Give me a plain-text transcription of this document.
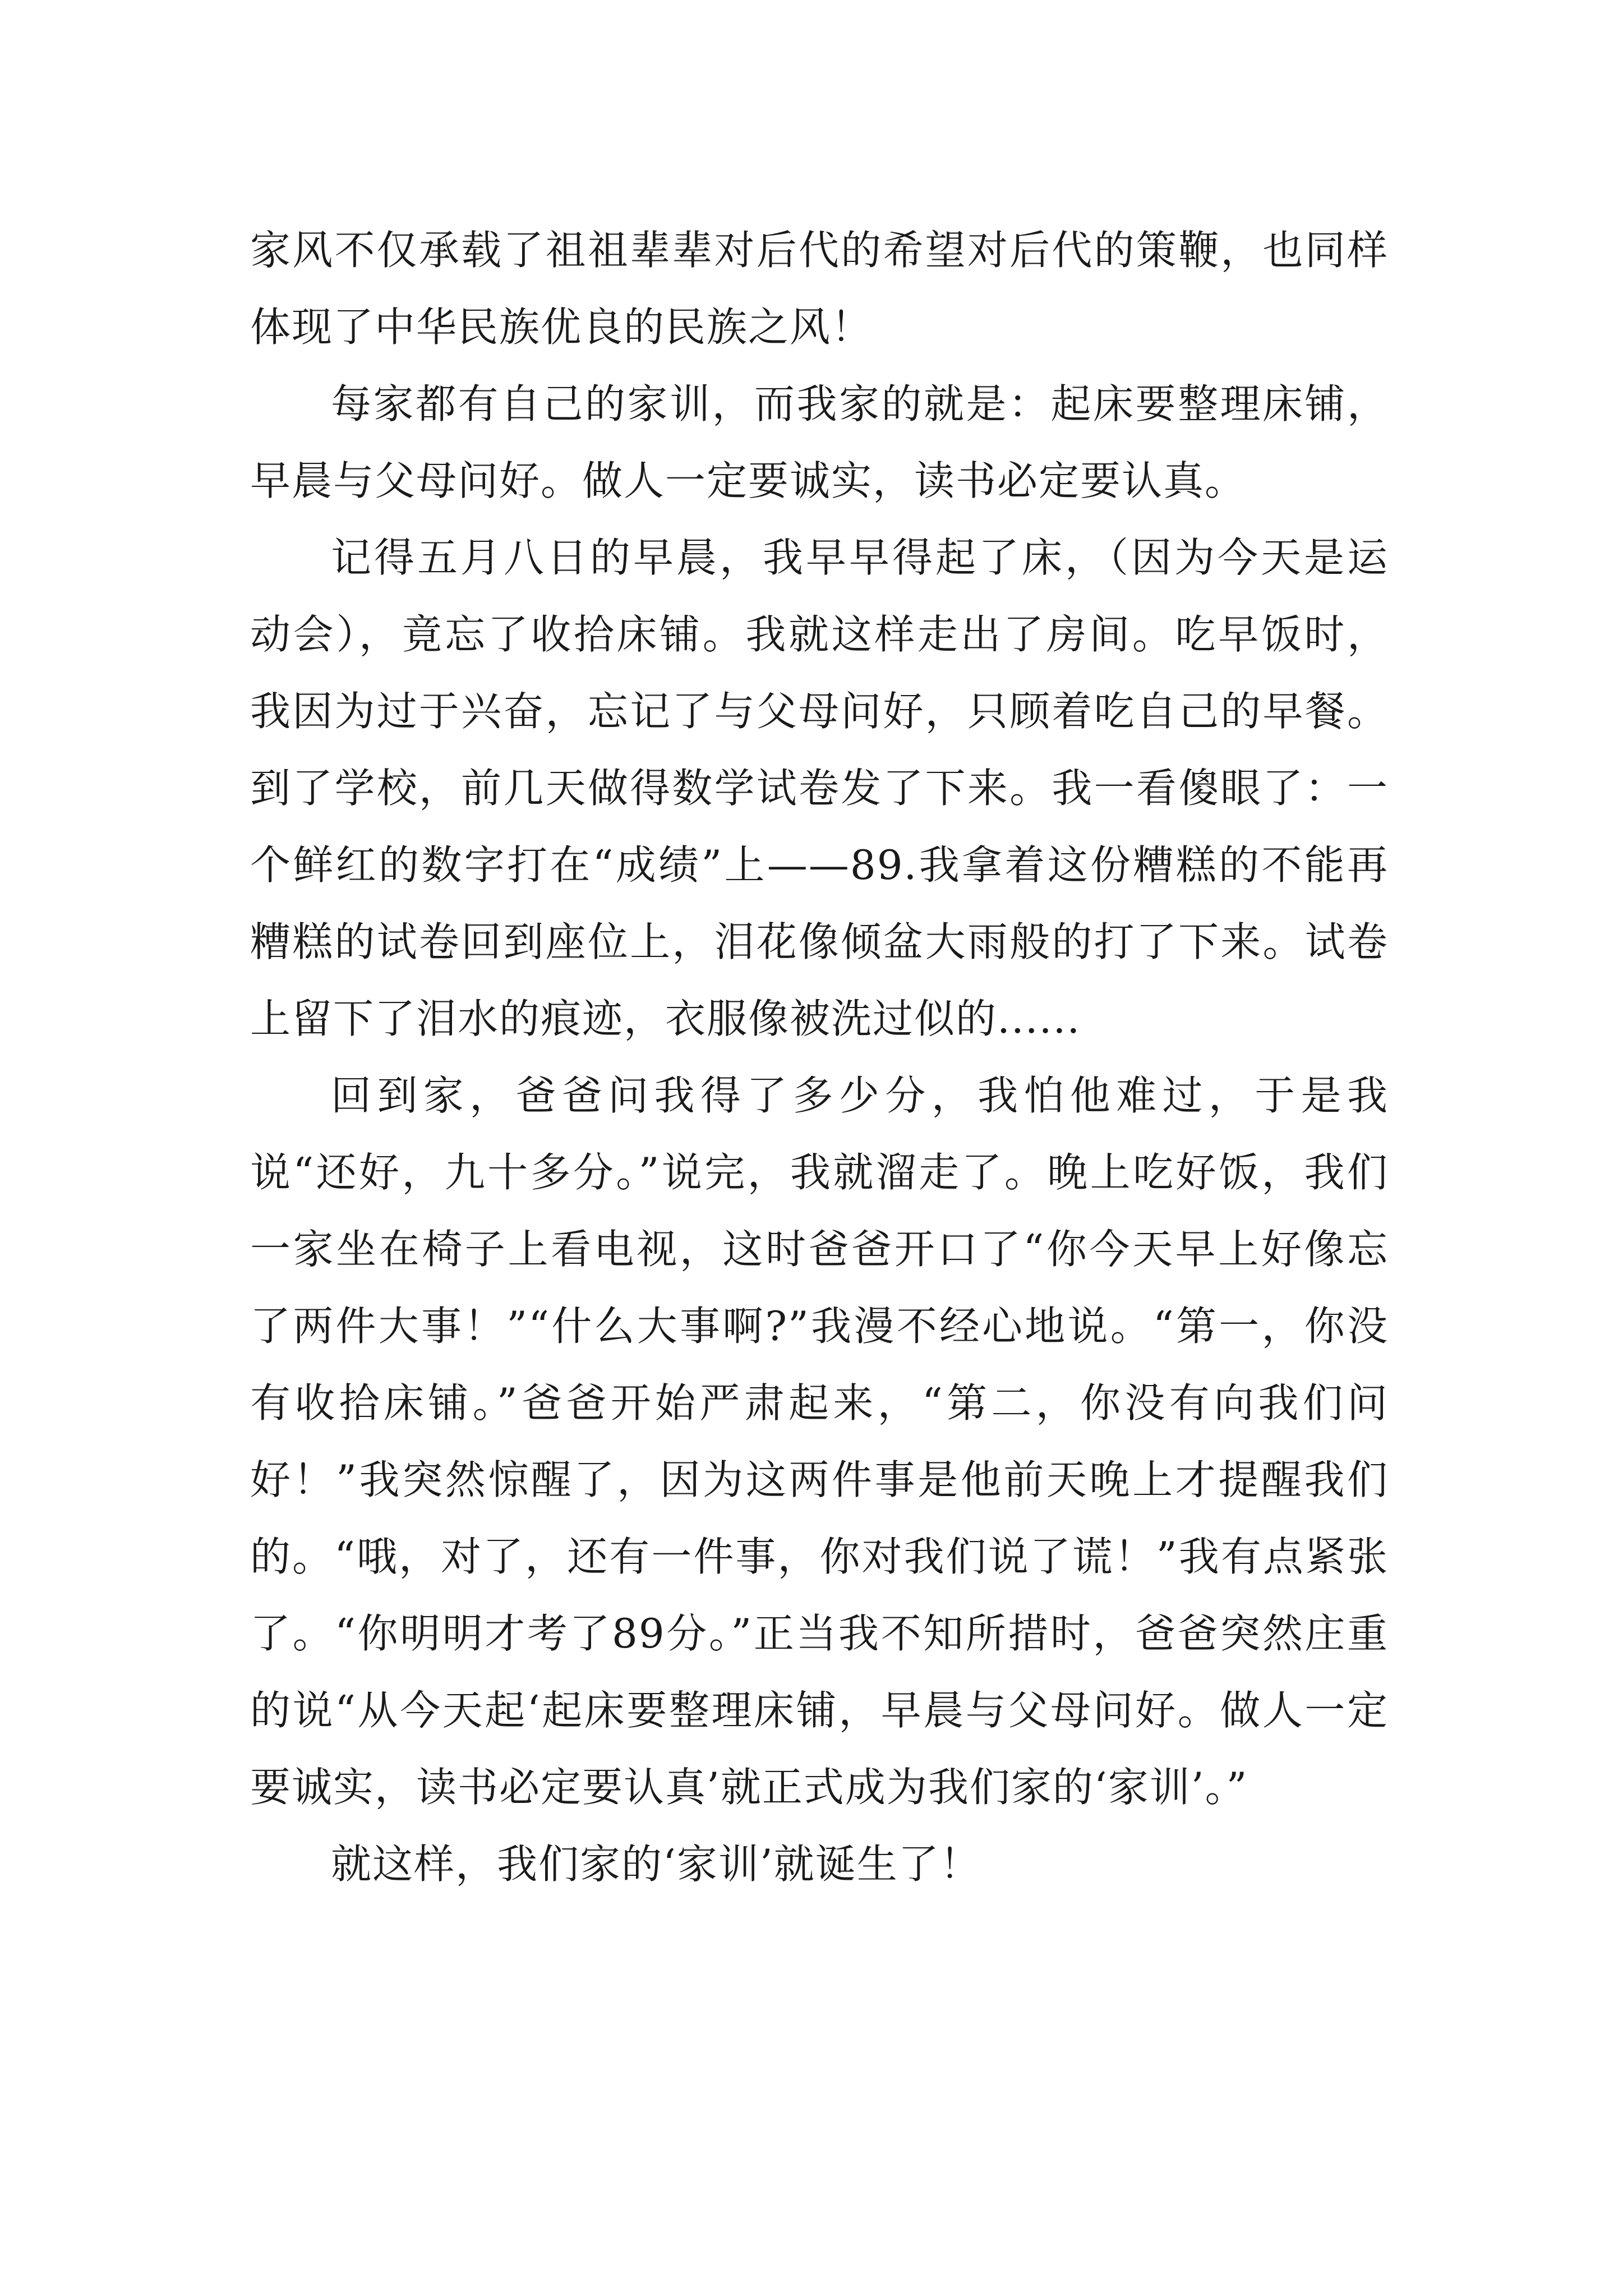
家风不仅承载了祖祖辈辈对后代的希望对后代的策鞭，也同样体现了中华民族优良的民族之风！

每家都有自己的家训，而我家的就是：起床要整理床铺，早晨与父母问好。做人一定要诚实，读书必定要认真。

记得五月八日的早晨，我早早得起了床，（因为今天是运动会），竟忘了收拾床铺。我就这样走出了房间。吃早饭时，我因为过于兴奋，忘记了与父母问好，只顾着吃自己的早餐。到了学校，前几天做得数学试卷发了下来。我一看傻眼了：一个鲜红的数字打在“成绩”上——89.我拿着这份糟糕的不能再糟糕的试卷回到座位上，泪花像倾盆大雨般的打了下来。试卷上留下了泪水的痕迹，衣服像被洗过似的......

回到家，爸爸问我得了多少分，我怕他难过，于是我说“还好，九十多分。”说完，我就溜走了。晚上吃好饭，我们一家坐在椅子上看电视，这时爸爸开口了“你今天早上好像忘了两件大事！”“什么大事啊?”我漫不经心地说。“第一，你没有收拾床铺。”爸爸开始严肃起来，“第二，你没有向我们问好！”我突然惊醒了，因为这两件事是他前天晚上才提醒我们的。“哦，对了，还有一件事，你对我们说了谎！”我有点紧张了。“你明明才考了89分。”正当我不知所措时，爸爸突然庄重的说“从今天起‘起床要整理床铺，早晨与父母问好。做人一定要诚实，读书必定要认真’就正式成为我们家的‘家训’。”

就这样，我们家的‘家训’就诞生了！
